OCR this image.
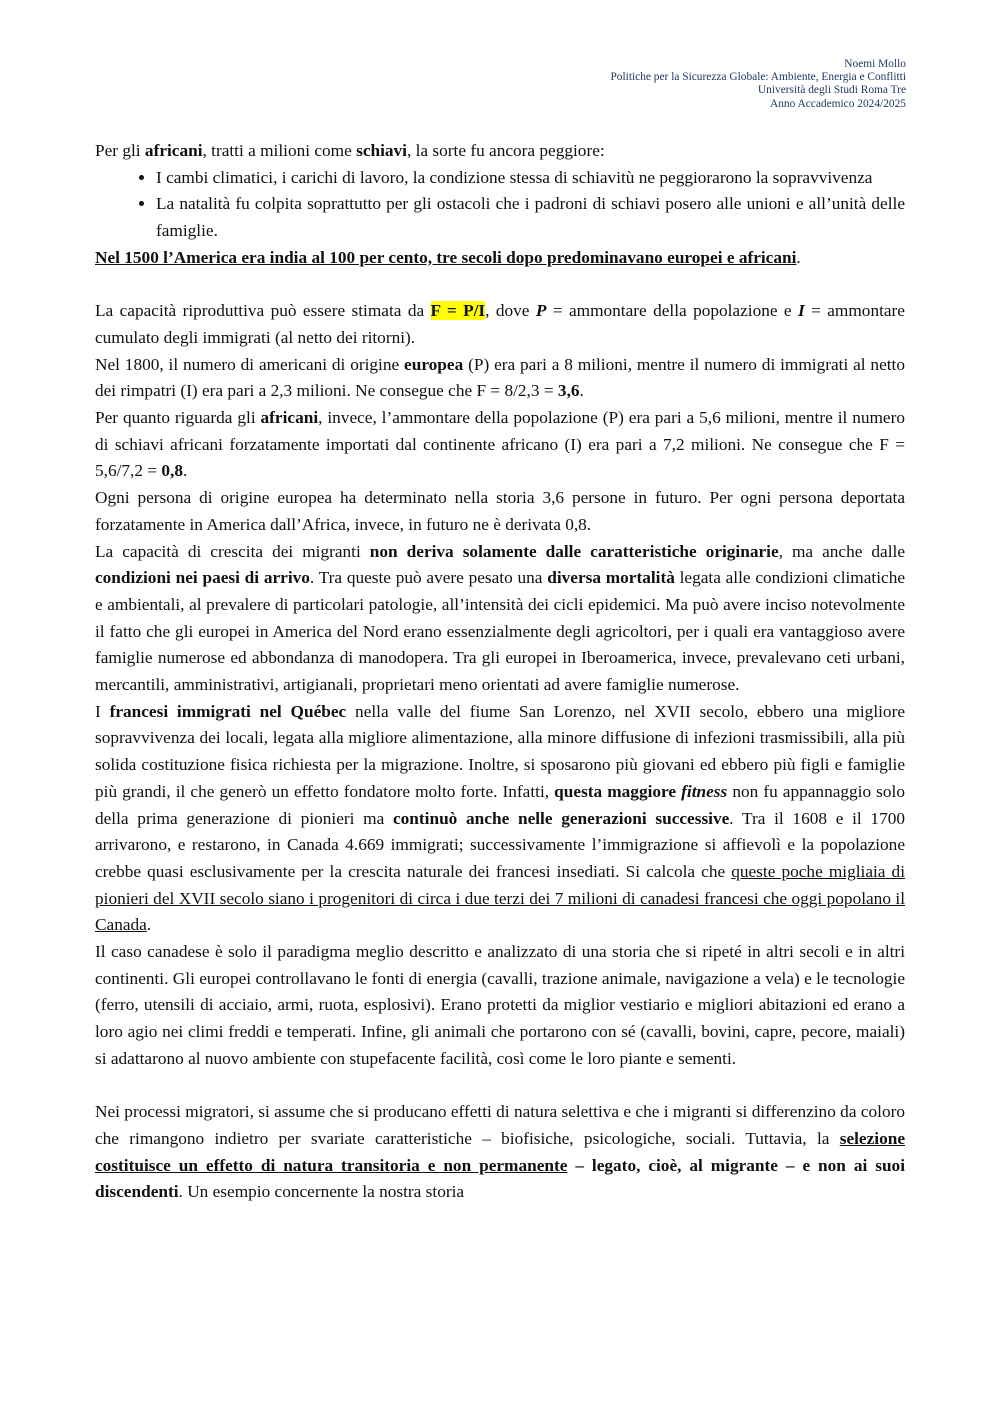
Noemi Mollo
Politiche per la Sicurezza Globale: Ambiente, Energia e Conflitti
Università degli Studi Roma Tre
Anno Accademico 2024/2025

Per gli africani, tratti a milioni come schiavi, la sorte fu ancora peggiore:

• I cambi climatici, i carichi di lavoro, la condizione stessa di schiavitù ne peggiorarono la sopravvivenza
• La natalità fu colpita soprattutto per gli ostacoli che i padroni di schiavi posero alle unioni e all’unità delle famiglie.

Nel 1500 l’America era india al 100 per cento, tre secoli dopo predominavano europei e africani.

La capacità riproduttiva può essere stimata da F = P/I, dove P = ammontare della popolazione e I = ammontare cumulato degli immigrati (al netto dei ritorni).

Nel 1800, il numero di americani di origine europea (P) era pari a 8 milioni, mentre il numero di immigrati al netto dei rimpatri (I) era pari a 2,3 milioni. Ne consegue che F = 8/2,3 = 3,6.

Per quanto riguarda gli africani, invece, l’ammontare della popolazione (P) era pari a 5,6 milioni, mentre il numero di schiavi africani forzatamente importati dal continente africano (I) era pari a 7,2 milioni. Ne consegue che F = 5,6/7,2 = 0,8.

Ogni persona di origine europea ha determinato nella storia 3,6 persone in futuro. Per ogni persona deportata forzatamente in America dall’Africa, invece, in futuro ne è derivata 0,8.

La capacità di crescita dei migranti non deriva solamente dalle caratteristiche originarie, ma anche dalle condizioni nei paesi di arrivo. Tra queste può avere pesato una diversa mortalità legata alle condizioni climatiche e ambientali, al prevalere di particolari patologie, all’intensità dei cicli epidemici. Ma può avere inciso notevolmente il fatto che gli europei in America del Nord erano essenzialmente degli agricoltori, per i quali era vantaggioso avere famiglie numerose ed abbondanza di manodopera. Tra gli europei in Iberoamerica, invece, prevalevano ceti urbani, mercantili, amministrativi, artigianali, proprietari meno orientati ad avere famiglie numerose.

I francesi immigrati nel Québec nella valle del fiume San Lorenzo, nel XVII secolo, ebbero una migliore sopravvivenza dei locali, legata alla migliore alimentazione, alla minore diffusione di infezioni trasmissibili, alla più solida costituzione fisica richiesta per la migrazione. Inoltre, si sposarono più giovani ed ebbero più figli e famiglie più grandi, il che generò un effetto fondatore molto forte. Infatti, questa maggiore fitness non fu appannaggio solo della prima generazione di pionieri ma continuò anche nelle generazioni successive. Tra il 1608 e il 1700 arrivarono, e restarono, in Canada 4.669 immigrati; successivamente l’immigrazione si affievolì e la popolazione crebbe quasi esclusivamente per la crescita naturale dei francesi insediati. Si calcola che queste poche migliaia di pionieri del XVII secolo siano i progenitori di circa i due terzi dei 7 milioni di canadesi francesi che oggi popolano il Canada.

Il caso canadese è solo il paradigma meglio descritto e analizzato di una storia che si ripeté in altri secoli e in altri continenti. Gli europei controllavano le fonti di energia (cavalli, trazione animale, navigazione a vela) e le tecnologie (ferro, utensili di acciaio, armi, ruota, esplosivi). Erano protetti da miglior vestiario e migliori abitazioni ed erano a loro agio nei climi freddi e temperati. Infine, gli animali che portarono con sé (cavalli, bovini, capre, pecore, maiali) si adattarono al nuovo ambiente con stupefacente facilità, così come le loro piante e sementi.

Nei processi migratori, si assume che si producano effetti di natura selettiva e che i migranti si differenzino da coloro che rimangono indietro per svariate caratteristiche – biofisiche, psicologiche, sociali. Tuttavia, la selezione costituisce un effetto di natura transitoria e non permanente – legato, cioè, al migrante – e non ai suoi discendenti. Un esempio concernente la nostra storia
